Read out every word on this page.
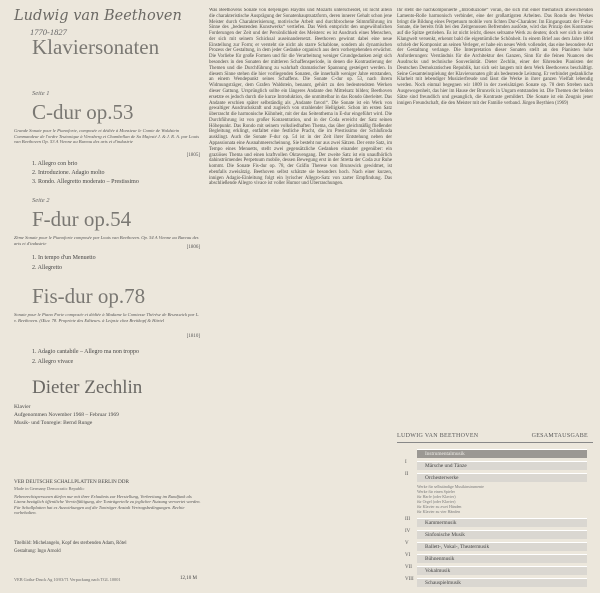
Ludwig van Beethoven
1770-1827
Klaviersonaten
Seite 1
C-dur op.53
Grande Sonate pour le Pianoforte, composée et dédiée à Monsieur le Comte de Waldstein Commandeur de l'ordre Teutonique à Virnsberg et Chambellan de Sa Majesté J. & J. R. A. par Louis van Beethoven Op. 53 A Vienne au Bureau des arts et d'industrie
[1805]
1. Allegro con brio
2. Introduzione. Adagio molto
3. Rondo. Allegretto moderato – Prestissimo
Seite 2
F-dur op.54
Zème Sonate pour le Pianoforte composée par Louis van Beethoven. Op. 54 A Vienne au Bureau des arts et d'industrie
[1806]
1. In tempo d'un Menuetto
2. Allegretto
Fis-dur op.78
Sonate pour le Piano Forte composée et dédiée à Madame la Comtesse Thérèse de Brunswick par L. v. Beethoven. (Œuv. 78. Propriete des Editeurs. à Leipsic chez Breitkopf & Härtel
[1810]
1. Adagio cantabile – Allegro ma non troppo
2. Allegro vivace
Dieter Zechlin
Klavier
Aufgenommen November 1968 – Februar 1969
Musik- und Tonregie: Bernd Runge
VEB DEUTSCHE SCHALLPLATTEN BERLIN DDR
Made in Germany Democratic Republic
Nebenrechtspersonen dürfen nur mit ihrer Erlaubnis zur Herstellung, Verbreitung im Rundfunk als Lizenz bezüglich öffentliche Vervielfältigung, der Tonträgerteile zu jeglicher Nutzung verwertet werden. Für Schallplatten hat es Auswirkungen auf die Tonträger Anstalt Vertragsbedingungen. Rechte vorbehalten.
Titelbild: Michelangelo, Kopf des sterbenden Adam, Rötel
Gestaltung: Ingo Arnold
VEB Gotha-Druck Ag 10/03/71 Verpackung nach TGL 10001	12,10 M
Was Beethovens Sonate von derjenigen Haydns und Mozarts unterscheidet, ist nicht allein die charakteristische Ausprägung der Sonatenhauptsatzform, deren innerer Gehalt schon jene Meister durch Charakterisierung, motivische Arbeit und durchbrochene Stimmführung im Sinne des „bedeutenden Kunstwerks“ vertiefen. Das Werk entspricht den ungewöhnlichen Forderungen der Zeit und der Persönlichkeit des Meisters: es ist Ausdruck eines Menschen, der sich mit seinem Schicksal auseinandersetzt. Beethoven gewinnt dabei eine neue Einstellung zur Form; er versteht sie nicht als starre Schablone, sondern als dynamischen Prozess der Gestaltung, in dem jeder Gedanke organisch aus dem vorhergehenden erwächst. Die Vorliebe für große Formen und für die Verarbeitung weniger Grundgedanken zeigt sich besonders in den Sonaten der mittleren Schaffensperiode, in denen die Kontrastierung der Themen und die Durchführung zu wahrhaft dramatischer Spannung gesteigert werden. In diesem Sinne stehen die hier vorliegenden Sonaten, die innerhalb weniger Jahre entstanden, an einem Wendepunkt seines Schaffens. Die Sonate C-dur op. 53, nach ihrem Widmungsträger, dem Grafen Waldstein, benannt, gehört zu den bedeutendsten Werken dieser Gattung. Ursprünglich sollte ein längeres Andante den Mittelsatz bilden; Beethoven ersetzte es jedoch durch die kurze Introduktion, die unmittelbar in das Rondo überleitet. Das Andante erschien später selbständig als „Andante favori“. Die Sonate ist ein Werk von gewaltiger Ausdruckskraft und zugleich von strahlender Helligkeit. Schon im ersten Satz überrascht die harmonische Kühnheit, mit der das Seitenthema in E-dur eingeführt wird. Die Durchführung ist von großer Konzentration, und in der Coda erreicht der Satz seinen Höhepunkt. Das Rondo mit seinem volksliedhaften Thema, das über gleichmäßig fließender Begleitung erklingt, entfaltet eine festliche Pracht, die im Prestissimo der Schlußcoda ausklingt. Auch die Sonate F-dur op. 54 ist in der Zeit ihrer Entstehung neben der Appassionata eine Ausnahmeerscheinung. Sie besteht nur aus zwei Sätzen. Der erste Satz, im Tempo eines Menuetts, stellt zwei gegensätzliche Gedanken einander gegenüber: ein graziöses Thema und einen kraftvollen Oktavengang. Der zweite Satz ist ein unaufhörlich dahinströmendes Perpetuum mobile, dessen Bewegung erst in der Stretta der Coda zur Ruhe kommt. Die Sonate Fis-dur op. 78, der Gräfin Therese von Brunswick gewidmet, ist ebenfalls zweisätzig. Beethoven selbst schätzte sie besonders hoch. Nach einer kurzen, innigen Adagio-Einleitung folgt ein lyrischer Allegro-Satz von zarter Empfindung. Das abschließende Allegro vivace ist voller Humor und Überraschungen.
Ihr steht die nachkomponierte „Introduzione“ voran, die sich mit einer thematisch abweichenden Lamento-Rolle harmonisch verbindet, eine der großartigsten Arbeiten. Das Rondo des Werkes bringt die Bildung eines Perpetuum mobile vom lichten Dur-Charakter. Im Eingangssatz der F-dur-Sonate, die bereits früh bei den Zeitgenossen Befremden auslöste, wird das Prinzip des Kontrastes auf die Spitze getrieben. Es ist nicht leicht, dieses seltsame Werk zu deuten; doch wer sich in seine Klangwelt versenkt, erkennt bald die eigentümliche Schönheit. In einem Brief aus dem Jahre 1804 schrieb der Komponist an seinen Verleger, er habe ein neues Werk vollendet, das eine besondere Art der Gestaltung verlange. Die Interpretation dieser Sonaten stellt an den Pianisten hohe Anforderungen: Verständnis für die Architektur des Ganzen, Sinn für die feinen Nuancen des Ausdrucks und technische Souveränität. Dieter Zechlin, einer der führenden Pianisten der Deutschen Demokratischen Republik, hat sich seit langem mit dem Werk Beethovens beschäftigt. Seine Gesamteinspielung der Klaviersonaten gilt als bedeutende Leistung. Er verbindet gedankliche Klarheit mit lebendiger Musizierfreude und lässt die Werke in ihrer ganzen Vielfalt lebendig werden. Noch einmal begegnen wir 1809 in der zweisätzigen Sonate op. 78 dem Streben nach Ausgewogenheit, das hier im Hause der Brunsvik in Ungarn entstanden ist. Die Themen der beiden Sätze sind freundlich und gesanglich, die Kontraste gemildert. Die Sonate ist ein Zeugnis jener innigen Freundschaft, die den Meister mit der Familie verband. Jürgen Beythien (1969)
LUDWIG VAN BEETHOVEN	GESAMTAUSGABE
Instrumentalmusik
I
Märsche und Tänze
II
Orchesterwerke
Werke für selbständige Musikinstrumente
Werke für einen Spieler
für Harfe (oder Klavier)
für Orgel (oder Klavier)
für Klavier zu zwei Händen
für Klavier zu vier Händen
III
Kammermusik
IV
Sinfonische Musik
V
Ballett-, Vokal-, Theatermusik
VI
Bühnenmusik
VII
Vokalmusik
VIII
Schauspielmusik
